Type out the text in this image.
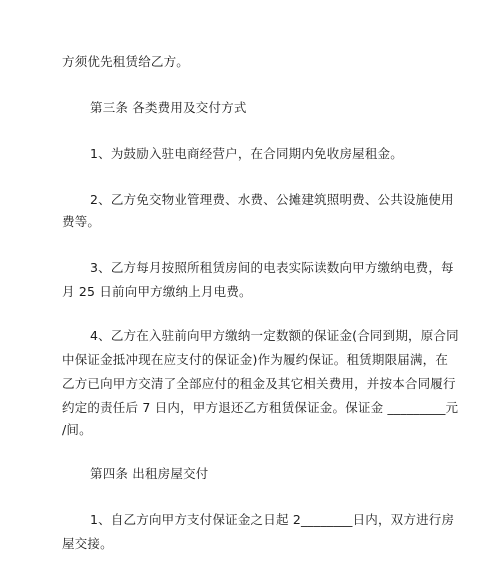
方须优先租赁给乙方。
第三条 各类费用及交付方式
1、为鼓励入驻电商经营户，在合同期内免收房屋租金。
2、乙方免交物业管理费、水费、公摊建筑照明费、公共设施使用
费等。
3、乙方每月按照所租赁房间的电表实际读数向甲方缴纳电费，每
月 25 日前向甲方缴纳上月电费。
4、乙方在入驻前向甲方缴纳一定数额的保证金(合同到期，原合同
中保证金抵冲现在应支付的保证金)作为履约保证。租赁期限届满，在
乙方已向甲方交清了全部应付的租金及其它相关费用，并按本合同履行
约定的责任后 7 日内，甲方退还乙方租赁保证金。保证金 _________元
/间。
第四条 出租房屋交付
1、自乙方向甲方支付保证金之日起 2________日内，双方进行房
屋交接。
